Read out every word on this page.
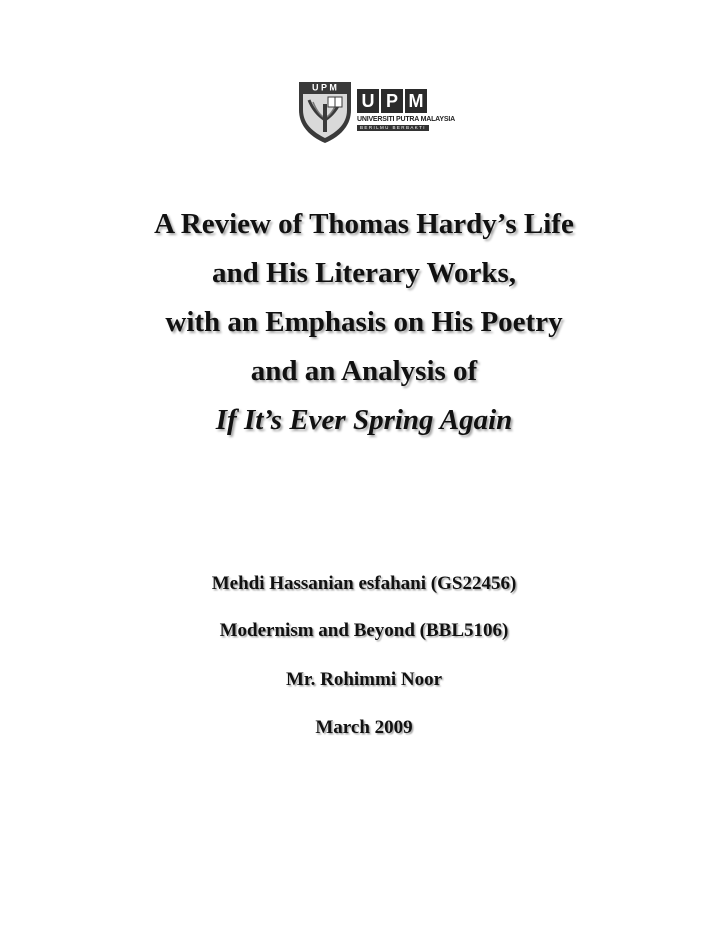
U P M
U P M
UNIVERSITI PUTRA MALAYSIA
BERILMU BERBAKTI
A Review of Thomas Hardy’s Life
and His Literary Works,
with an Emphasis on His Poetry
and an Analysis of
If It’s Ever Spring Again
Mehdi Hassanian esfahani (GS22456)
Modernism and Beyond (BBL5106)
Mr. Rohimmi Noor
March 2009
